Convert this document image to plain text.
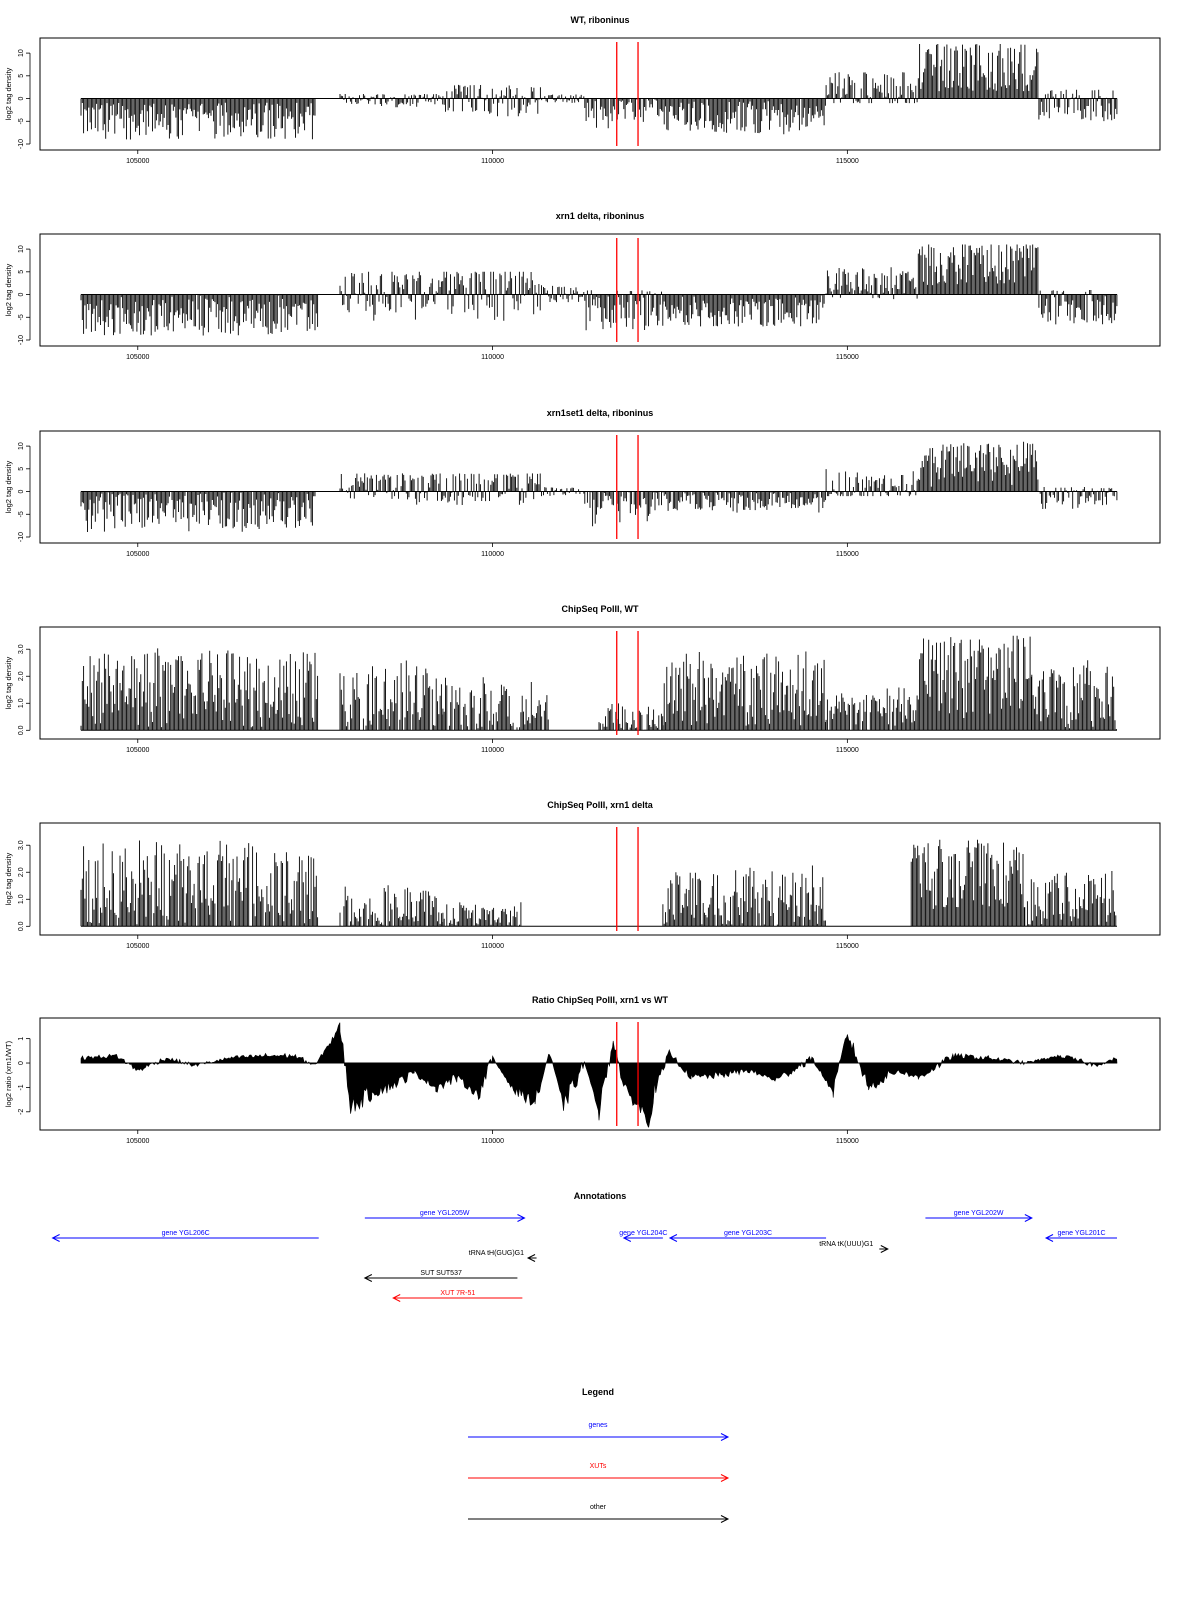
WT, riboninus
10
5
0
-5
-10
log2 tag density
105000	110000	115000
xrn1 delta, riboninus
10
5
0
-5
-10
log2 tag density
105000	110000	115000
xrn1set1 delta, riboninus
10
5
0
-5
-10
log2 tag density
105000	110000	115000
ChipSeq PolII, WT
0.0
1.0
2.0
3.0
log2 tag density
105000	110000	115000
ChipSeq PolII, xrn1 delta
0.0
1.0
2.0
3.0
log2 tag density
105000	110000	115000
Ratio ChipSeq PolII, xrn1 vs WT
1
0
-1
-2
log2 ratio (xrn1/WT)
105000	110000	115000
Annotations
gene YGL206C
gene YGL205W
gene YGL204C	gene YGL203C
gene YGL202W
gene YGL201C
tRNA tH(GUG)G1
tRNA tK(UUU)G1
SUT SUT537
XUT 7R-51
Legend
genes
XUTs
other
